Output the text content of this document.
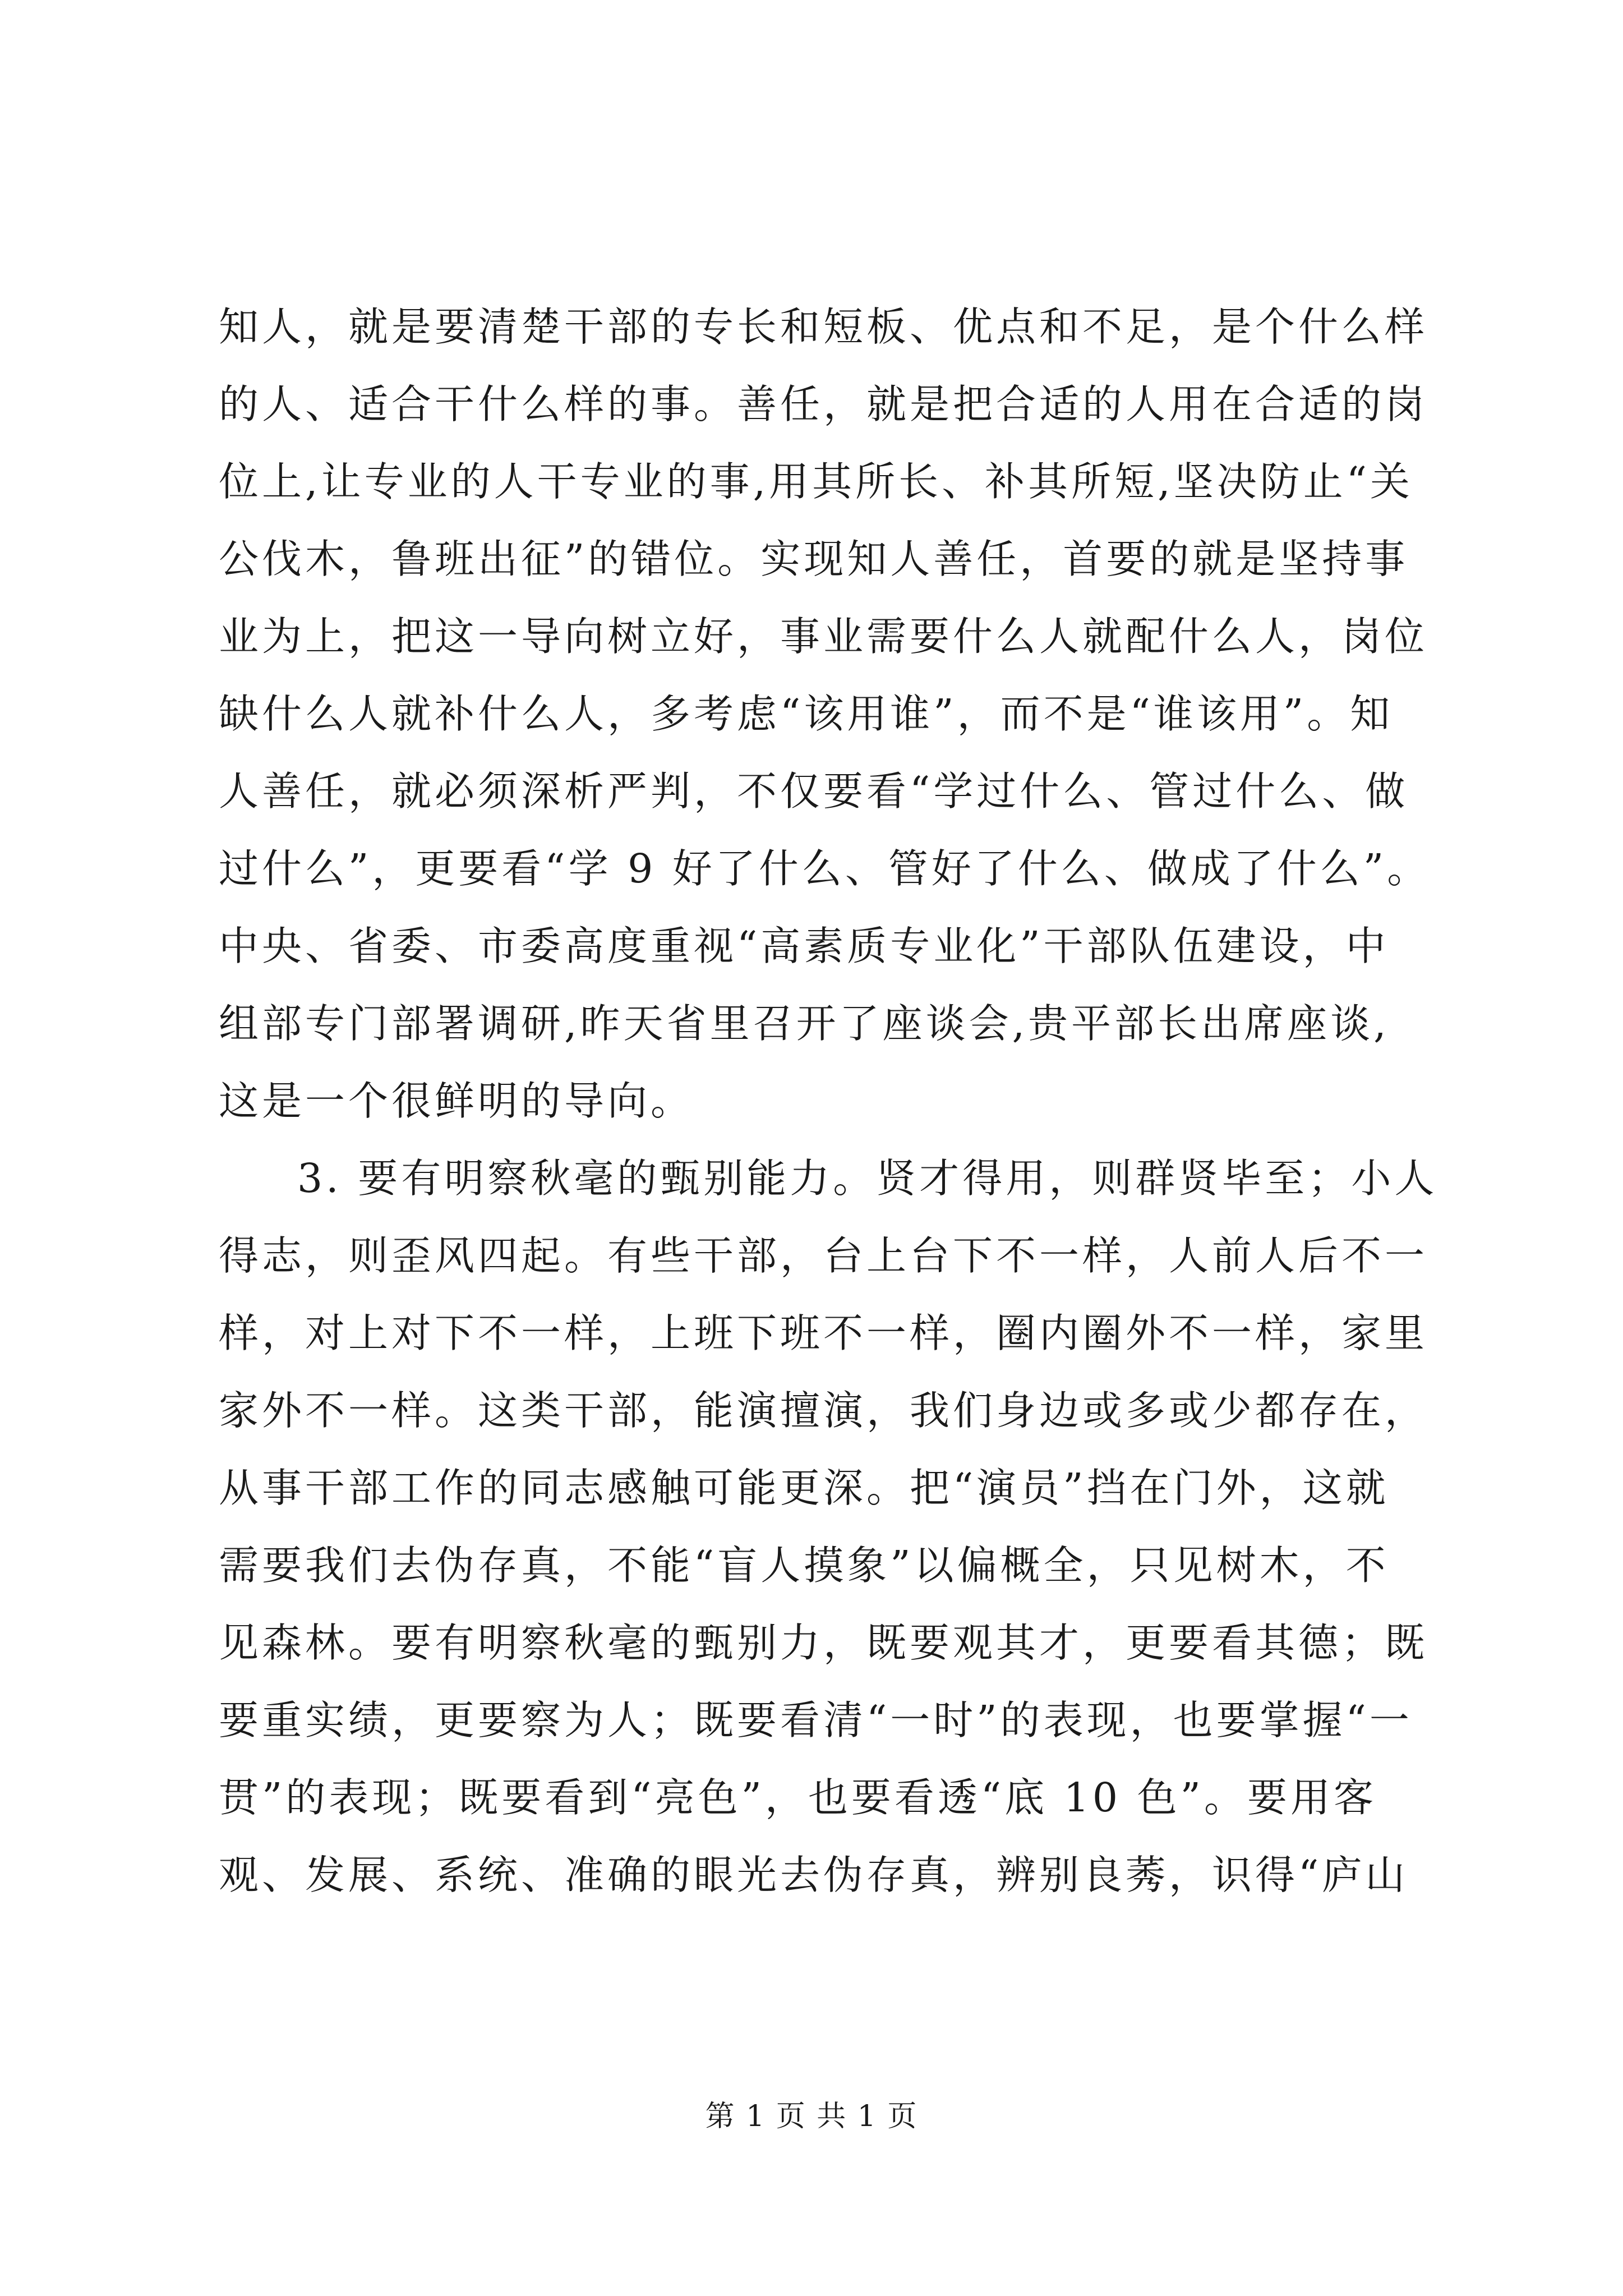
知人，就是要清楚干部的专长和短板、优点和不足，是个什么样
的人、适合干什么样的事。善任，就是把合适的人用在合适的岗
位上,让专业的人干专业的事,用其所长、补其所短,坚决防止“关
公伐木，鲁班出征”的错位。实现知人善任，首要的就是坚持事
业为上，把这一导向树立好，事业需要什么人就配什么人，岗位
缺什么人就补什么人，多考虑“该用谁”，而不是“谁该用”。知
人善任，就必须深析严判，不仅要看“学过什么、管过什么、做
过什么”，更要看“学 9 好了什么、管好了什么、做成了什么”。
中央、省委、市委高度重视“高素质专业化”干部队伍建设，中
组部专门部署调研,昨天省里召开了座谈会,贵平部长出席座谈,
这是一个很鲜明的导向。
3. 要有明察秋毫的甄别能力。贤才得用，则群贤毕至；小人
得志，则歪风四起。有些干部，台上台下不一样，人前人后不一
样，对上对下不一样，上班下班不一样，圈内圈外不一样，家里
家外不一样。这类干部，能演擅演，我们身边或多或少都存在，
从事干部工作的同志感触可能更深。把“演员”挡在门外，这就
需要我们去伪存真，不能“盲人摸象”以偏概全，只见树木，不
见森林。要有明察秋毫的甄别力，既要观其才，更要看其德；既
要重实绩，更要察为人；既要看清“一时”的表现，也要掌握“一
贯”的表现；既要看到“亮色”，也要看透“底 10 色”。要用客
观、发展、系统、准确的眼光去伪存真，辨别良莠，识得“庐山
第 1 页 共 1 页
